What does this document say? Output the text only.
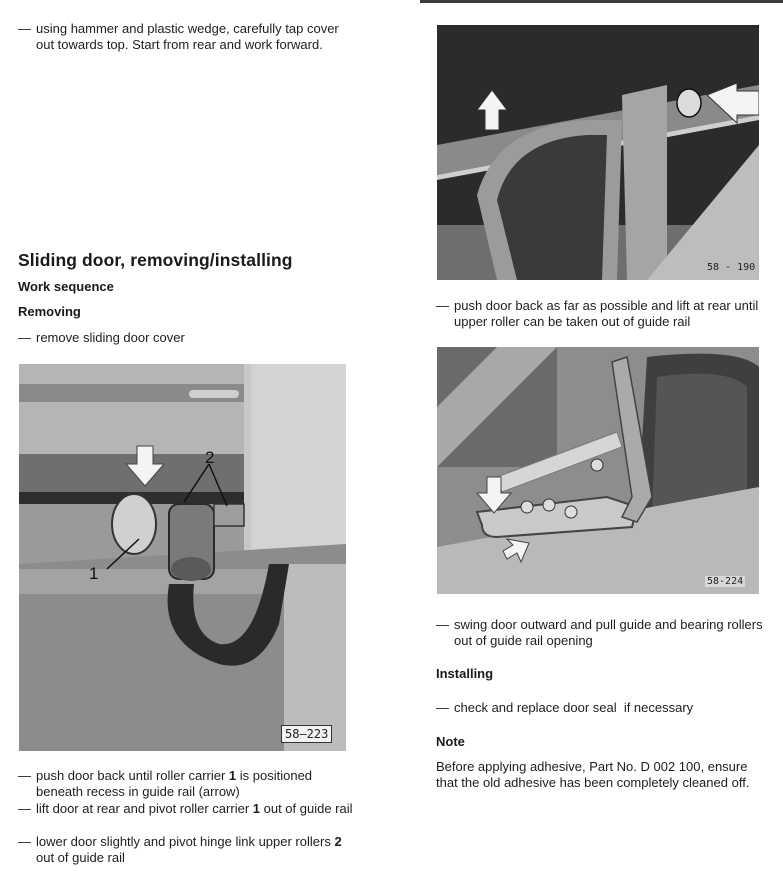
— using hammer and plastic wedge, carefully tap cover out towards top. Start from rear and work forward.
Sliding door, removing/installing
Work sequence
Removing
— remove sliding door cover
2
1
58–223
— push door back until roller carrier 1 is positioned beneath recess in guide rail (arrow)
— lift door at rear and pivot roller carrier 1 out of guide rail
— lower door slightly and pivot hinge link upper rollers 2 out of guide rail
58 - 190
— push door back as far as possible and lift at rear until upper roller can be taken out of guide rail
58-224
— swing door outward and pull guide and bearing rollers out of guide rail opening
Installing
— check and replace door seal  if necessary
Note
Before applying adhesive, Part No. D 002 100, ensure that the old adhesive has been completely cleaned off.
